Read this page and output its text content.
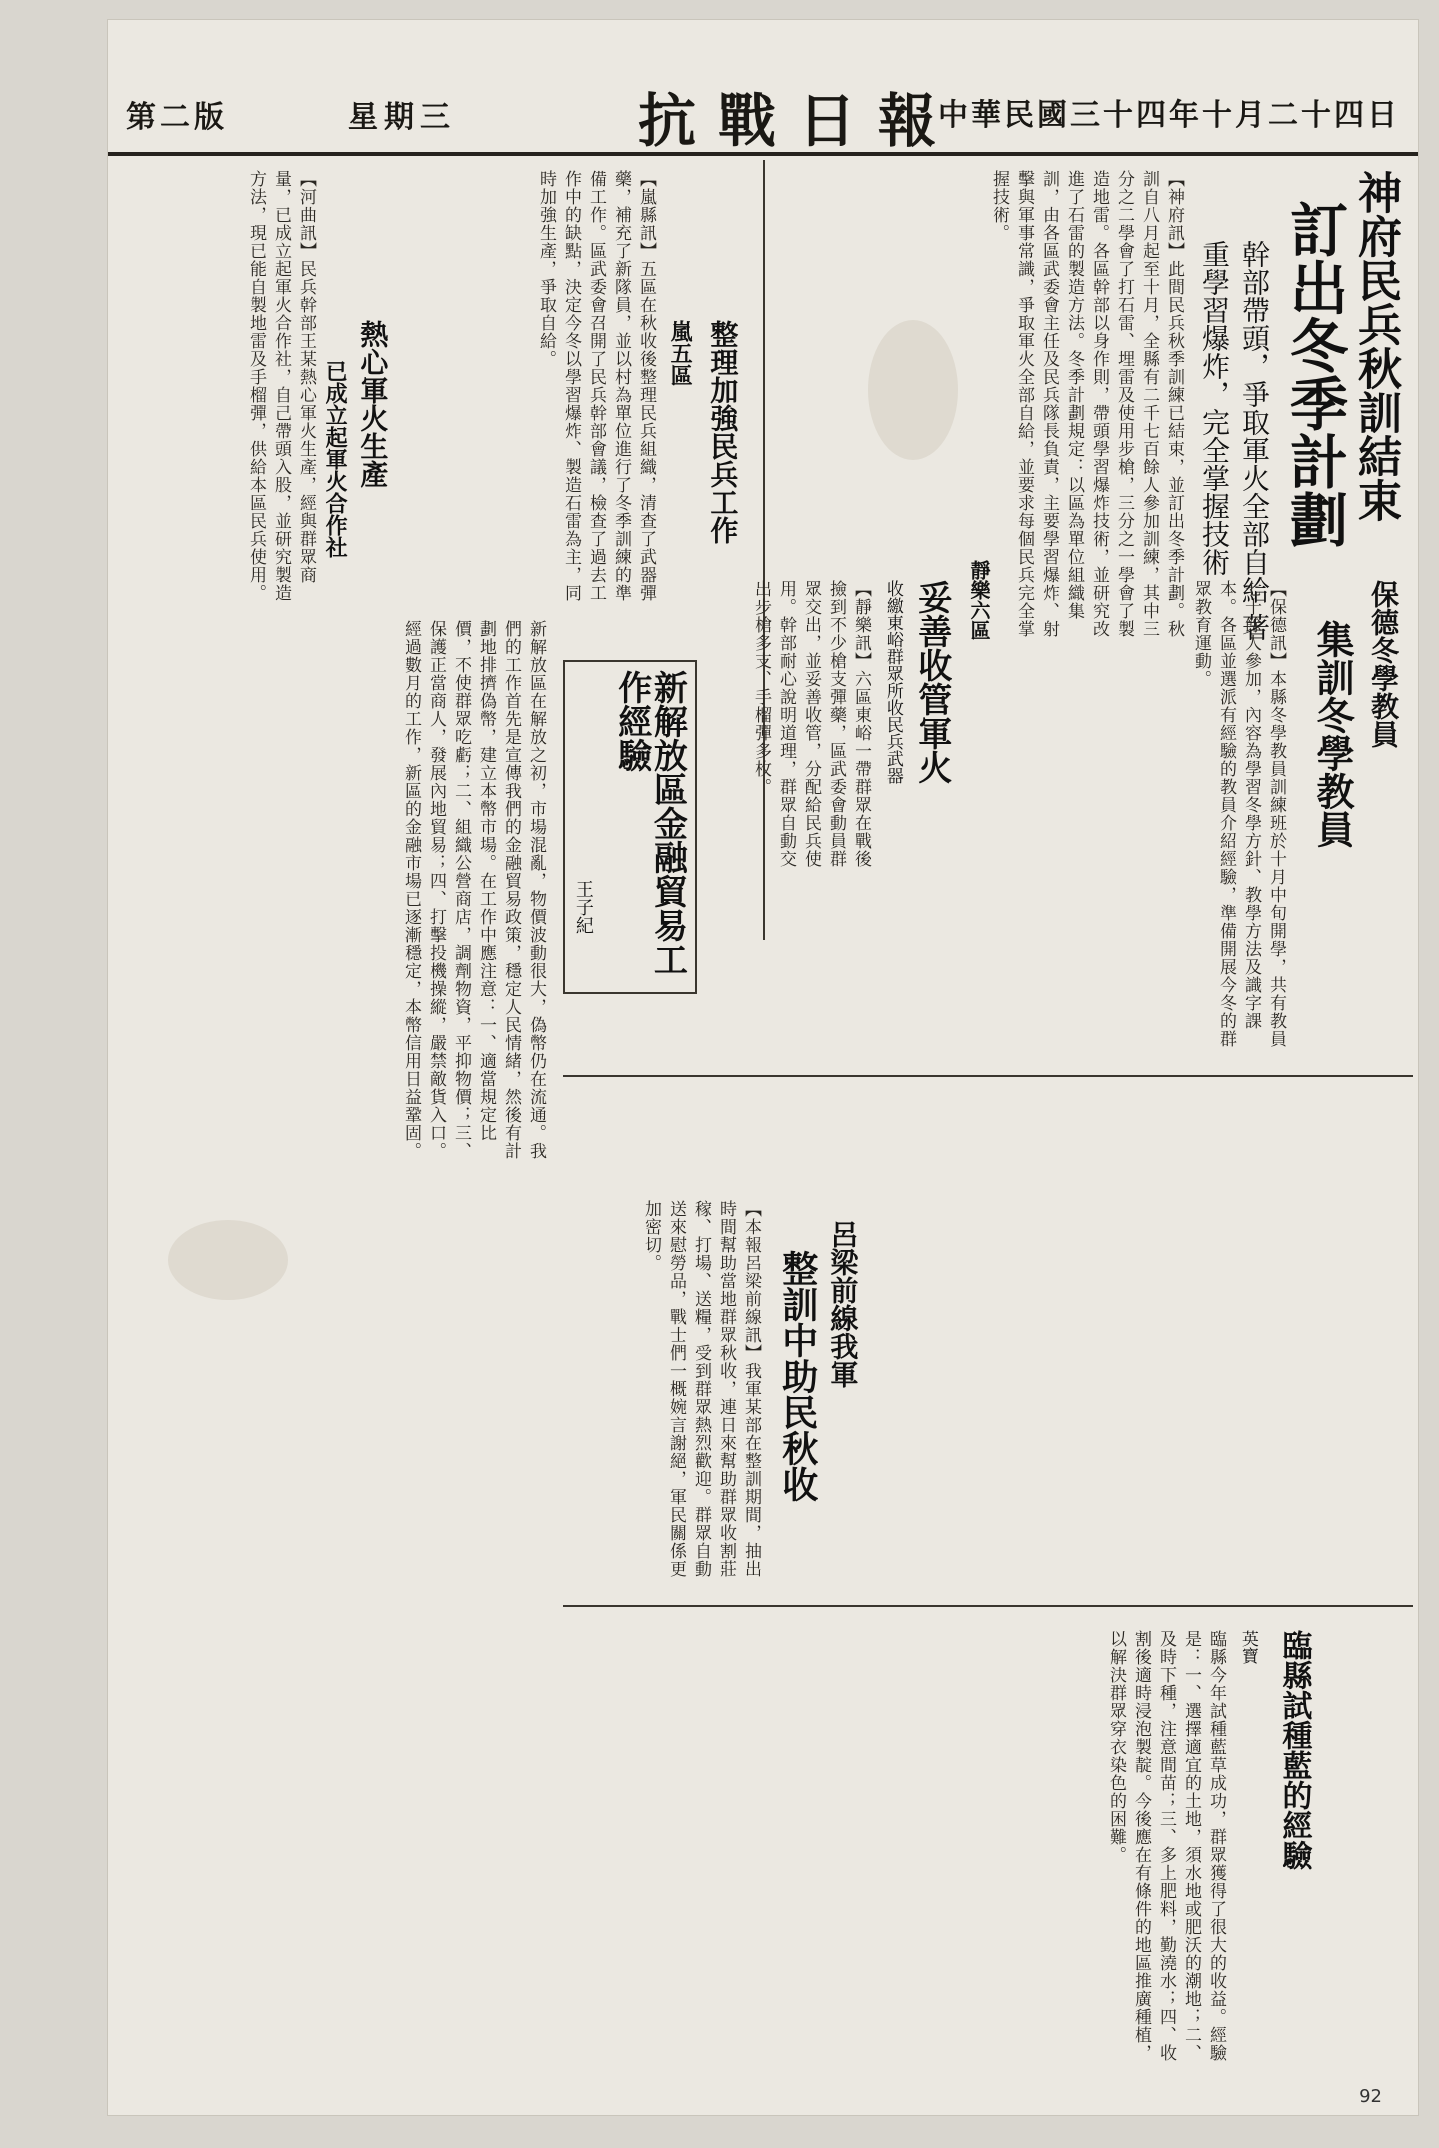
第二版	星期三	抗戰日報
中華民國三十四年十月二十四日
神府民兵秋訓結束
訂出冬季計劃
幹部帶頭，爭取軍火全部自給 著重學習爆炸，完全掌握技術
【神府訊】此間民兵秋季訓練已結束，並訂出冬季計劃。秋訓自八月起至十月，全縣有二千七百餘人參加訓練，其中三分之二學會了打石雷、埋雷及使用步槍，三分之一學會了製造地雷。各區幹部以身作則，帶頭學習爆炸技術，並研究改進了石雷的製造方法。冬季計劃規定：以區為單位組織集訓，由各區武委會主任及民兵隊長負責，主要學習爆炸、射擊與軍事常識，爭取軍火全部自給，並要求每個民兵完全掌握技術。
整理加強民兵工作
嵐五區
【嵐縣訊】五區在秋收後整理民兵組織，清查了武器彈藥，補充了新隊員，並以村為單位進行了冬季訓練的準備工作。區武委會召開了民兵幹部會議，檢查了過去工作中的缺點，決定今冬以學習爆炸、製造石雷為主，同時加強生產，爭取自給。
熱心軍火生產
已成立起軍火合作社
【河曲訊】民兵幹部王某熱心軍火生產，經與群眾商量，已成立起軍火合作社，自己帶頭入股，並研究製造方法，現已能自製地雷及手榴彈，供給本區民兵使用。
新解放區金融貿易工作經驗
王子紀
新解放區在解放之初，市場混亂，物價波動很大，偽幣仍在流通。我們的工作首先是宣傳我們的金融貿易政策，穩定人民情緒，然後有計劃地排擠偽幣，建立本幣市場。在工作中應注意：一、適當規定比價，不使群眾吃虧；二、組織公營商店，調劑物資，平抑物價；三、保護正當商人，發展內地貿易；四、打擊投機操縱，嚴禁敵貨入口。經過數月的工作，新區的金融市場已逐漸穩定，本幣信用日益鞏固。
靜樂六區
妥善收管軍火
收繳東峪群眾所收民兵武器
【靜樂訊】六區東峪一帶群眾在戰後撿到不少槍支彈藥，區武委會動員群眾交出，並妥善收管，分配給民兵使用。幹部耐心說明道理，群眾自動交出步槍多支、手榴彈多枚。	保德冬學教員
集訓冬學教員
【保德訊】本縣冬學教員訓練班於十月中旬開學，共有教員七十餘人參加，內容為學習冬學方針、教學方法及識字課本。各區並選派有經驗的教員介紹經驗，準備開展今冬的群眾教育運動。
呂梁前線我軍
整訓中助民秋收
【本報呂梁前線訊】我軍某部在整訓期間，抽出時間幫助當地群眾秋收，連日來幫助群眾收割莊稼、打場、送糧，受到群眾熱烈歡迎。群眾自動送來慰勞品，戰士們一概婉言謝絕，軍民關係更加密切。
臨縣試種藍的經驗
英寶
臨縣今年試種藍草成功，群眾獲得了很大的收益。經驗是：一、選擇適宜的土地，須水地或肥沃的潮地；二、及時下種，注意間苗；三、多上肥料，勤澆水；四、收割後適時浸泡製靛。今後應在有條件的地區推廣種植，以解決群眾穿衣染色的困難。
92
